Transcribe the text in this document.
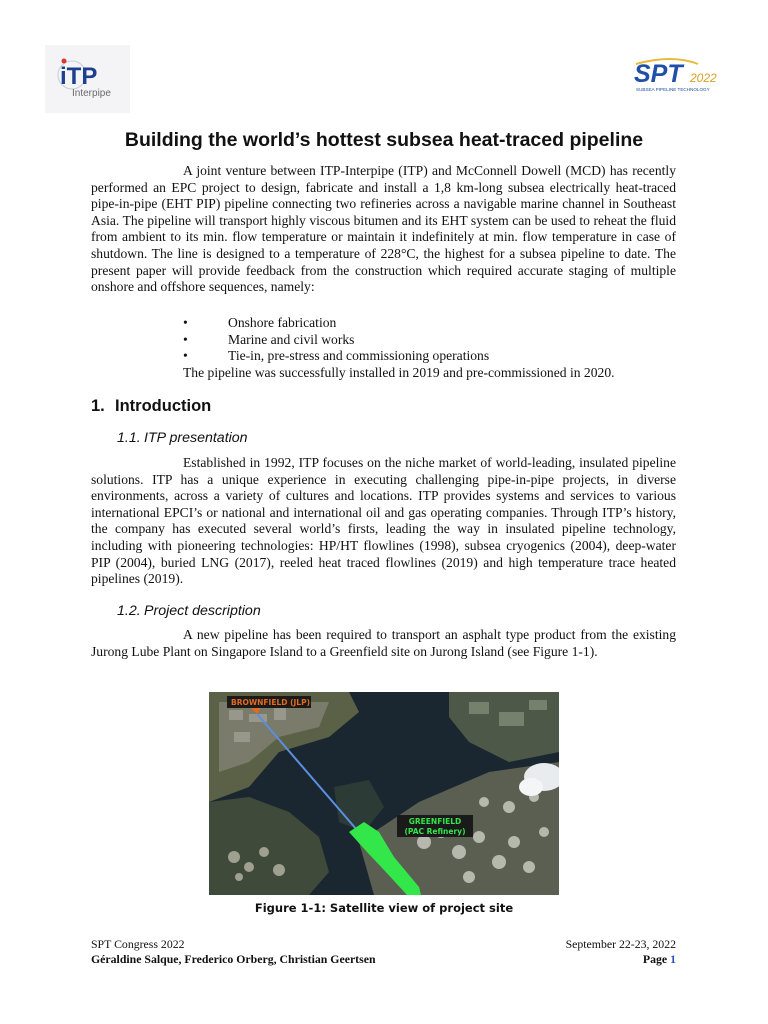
iTP
Interpipe
SPT 2022
SUBSEA PIPELINE TECHNOLOGY
Building the world’s hottest subsea heat-traced pipeline

A joint venture between ITP-Interpipe (ITP) and McConnell Dowell (MCD) has recently performed an EPC project to design, fabricate and install a 1,8 km-long subsea electrically heat-traced pipe-in-pipe (EHT PIP) pipeline connecting two refineries across a navigable marine channel in Southeast Asia. The pipeline will transport highly viscous bitumen and its EHT system can be used to reheat the fluid from ambient to its min. flow temperature or maintain it indefinitely at min. flow temperature in case of shutdown. The line is designed to a temperature of 228°C, the highest for a subsea pipeline to date. The present paper will provide feedback from the construction which required accurate staging of multiple onshore and offshore sequences, namely:

•	Onshore fabrication
•	Marine and civil works
•	Tie-in, pre-stress and commissioning operations
The pipeline was successfully installed in 2019 and pre-commissioned in 2020.
1. Introduction
1.1. ITP presentation

Established in 1992, ITP focuses on the niche market of world-leading, insulated pipeline solutions. ITP has a unique experience in executing challenging pipe-in-pipe projects, in diverse environments, across a variety of cultures and locations. ITP provides systems and services to various international EPCI’s or national and international oil and gas operating companies. Through ITP’s history, the company has executed several world’s firsts, leading the way in insulated pipeline technology, including with pioneering technologies: HP/HT flowlines (1998), subsea cryogenics (2004), deep-water PIP (2004), buried LNG (2017), reeled heat traced flowlines (2019) and high temperature trace heated pipelines (2019).

1.2. Project description

A new pipeline has been required to transport an asphalt type product from the existing Jurong Lube Plant on Singapore Island to a Greenfield site on Jurong Island (see Figure 1-1).

BROWNFIELD (JLP)
GREENFIELD
(PAC Refinery)
Figure 1-1: Satellite view of project site
SPT Congress 2022
Géraldine Salque, Frederico Orberg, Christian Geertsen
September 22-23, 2022
Page 1
